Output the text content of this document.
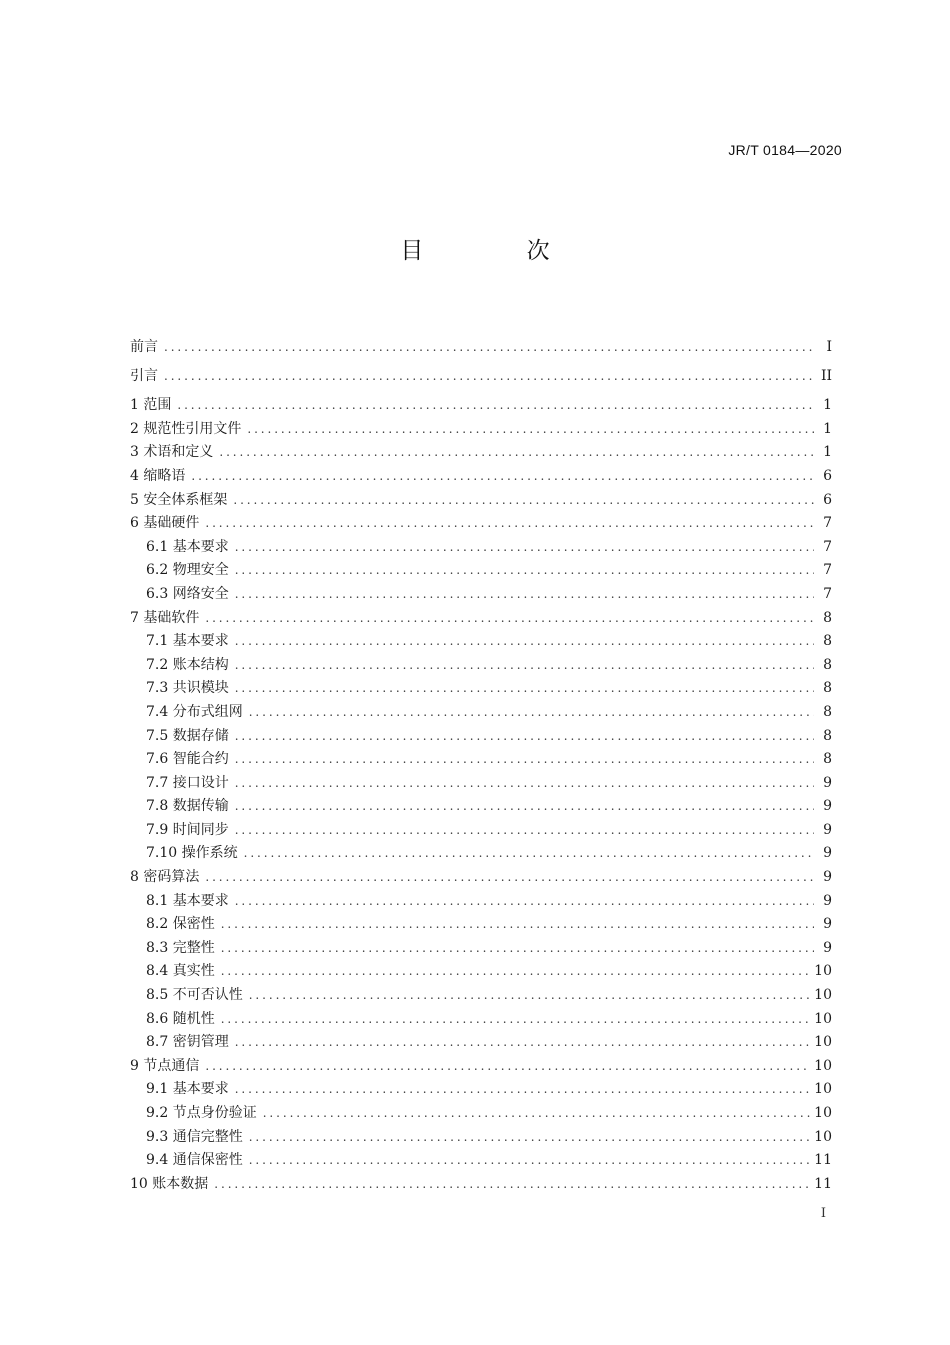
JR/T 0184—2020
目 次
前言 .....	I
引言 .....	II
1 范围 .....	1
2 规范性引用文件 .....	1
3 术语和定义 .....	1
4 缩略语 .....	6
5 安全体系框架 .....	6
6 基础硬件 .....	7
6.1 基本要求 .....	7
6.2 物理安全 .....	7
6.3 网络安全 .....	7
7 基础软件 .....	8
7.1 基本要求 .....	8
7.2 账本结构 .....	8
7.3 共识模块 .....	8
7.4 分布式组网 .....	8
7.5 数据存储 .....	8
7.6 智能合约 .....	8
7.7 接口设计 .....	9
7.8 数据传输 .....	9
7.9 时间同步 .....	9
7.10 操作系统 .....	9
8 密码算法 .....	9
8.1 基本要求 .....	9
8.2 保密性 .....	9
8.3 完整性 .....	9
8.4 真实性 .....	10
8.5 不可否认性 .....	10
8.6 随机性 .....	10
8.7 密钥管理 .....	10
9 节点通信 .....	10
9.1 基本要求 .....	10
9.2 节点身份验证 .....	10
9.3 通信完整性 .....	10
9.4 通信保密性 .....	11
10 账本数据 .....	11
I
